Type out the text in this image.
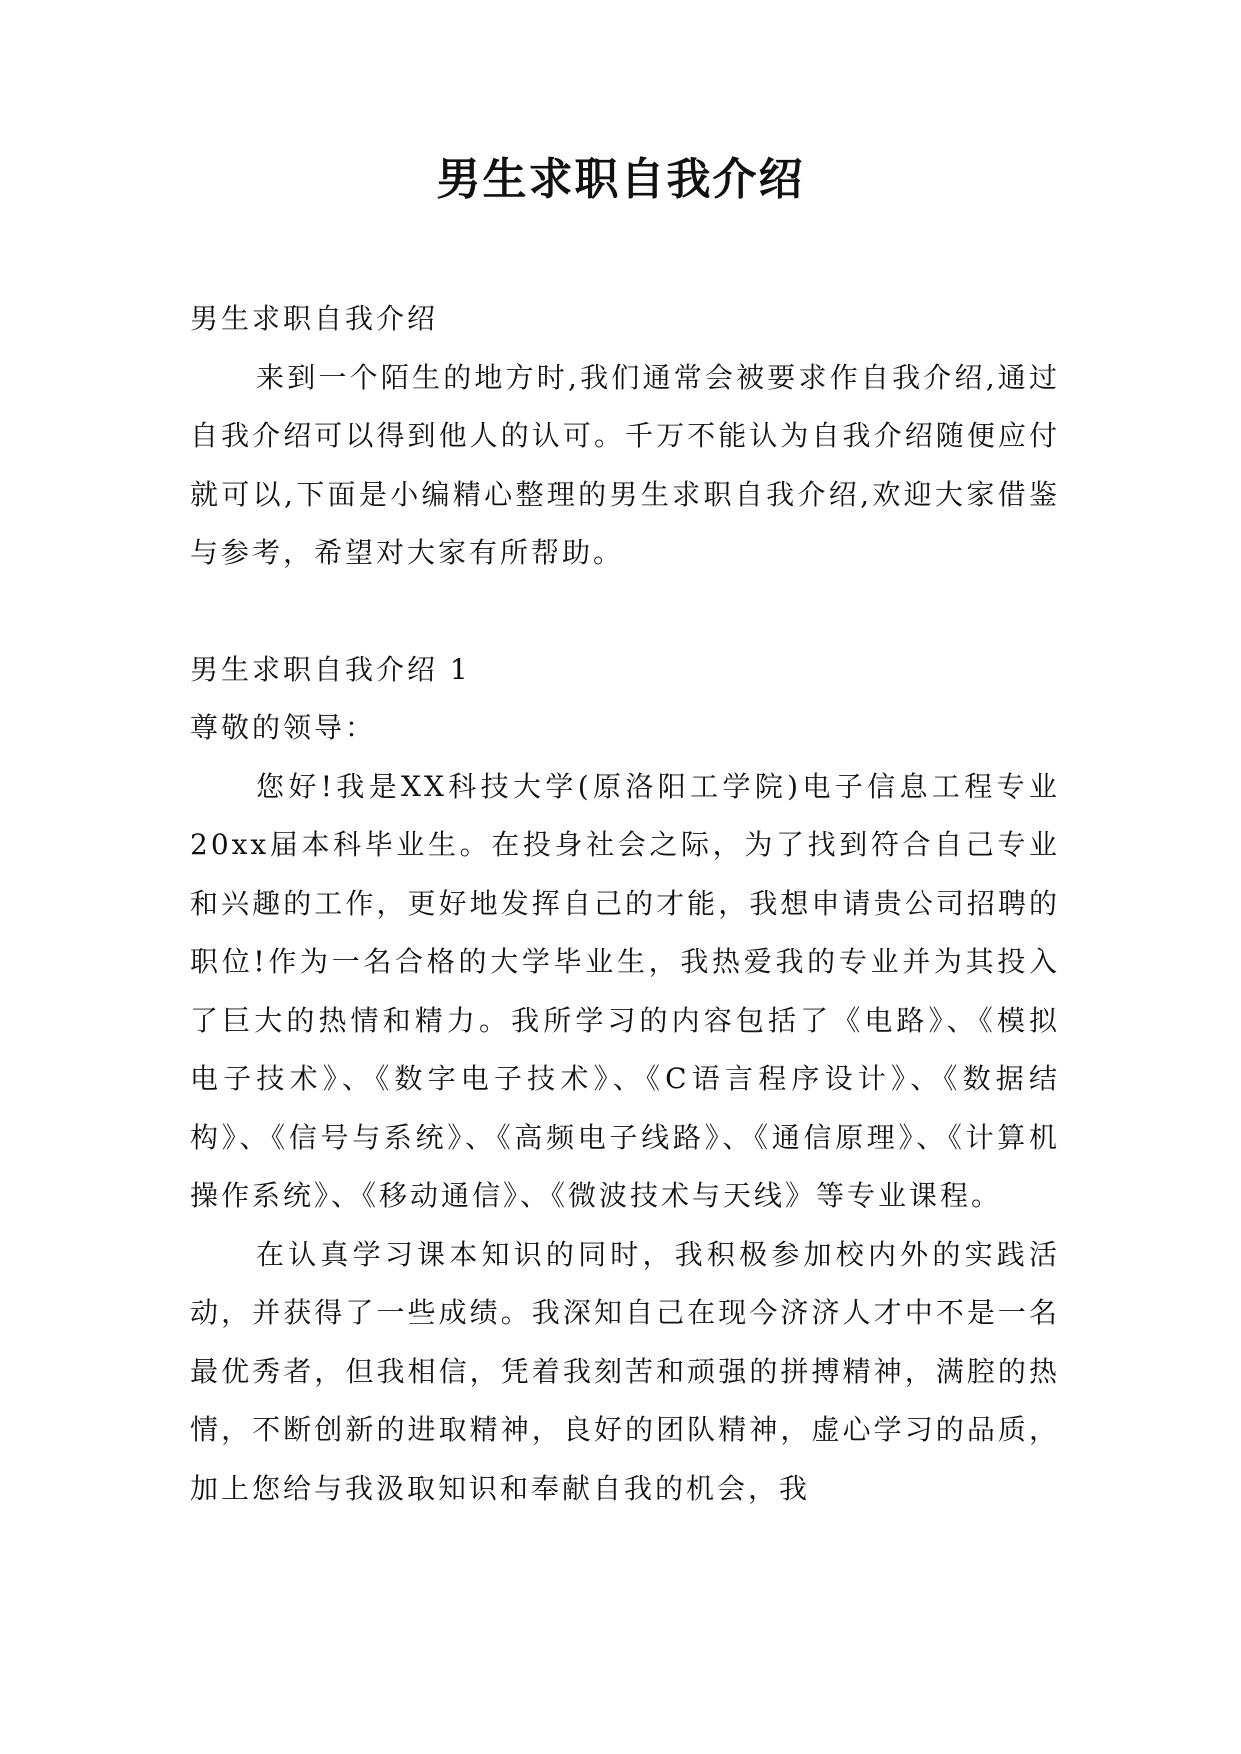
男生求职自我介绍

男生求职自我介绍

来到一个陌生的地方时,我们通常会被要求作自我介绍,通过自我介绍可以得到他人的认可。千万不能认为自我介绍随便应付就可以,下面是小编精心整理的男生求职自我介绍,欢迎大家借鉴与参考，希望对大家有所帮助。

男生求职自我介绍 1

尊敬的领导：

您好!我是XX科技大学(原洛阳工学院)电子信息工程专业20xx届本科毕业生。在投身社会之际，为了找到符合自己专业和兴趣的工作，更好地发挥自己的才能，我想申请贵公司招聘的职位!作为一名合格的大学毕业生，我热爱我的专业并为其投入了巨大的热情和精力。我所学习的内容包括了《电路》、《模拟电子技术》、《数字电子技术》、《C语言程序设计》、《数据结构》、《信号与系统》、《高频电子线路》、《通信原理》、《计算机操作系统》、《移动通信》、《微波技术与天线》等专业课程。

在认真学习课本知识的同时，我积极参加校内外的实践活动，并获得了一些成绩。我深知自己在现今济济人才中不是一名最优秀者，但我相信，凭着我刻苦和顽强的拼搏精神，满腔的热情，不断创新的进取精神，良好的团队精神，虚心学习的品质，加上您给与我汲取知识和奉献自我的机会，我
